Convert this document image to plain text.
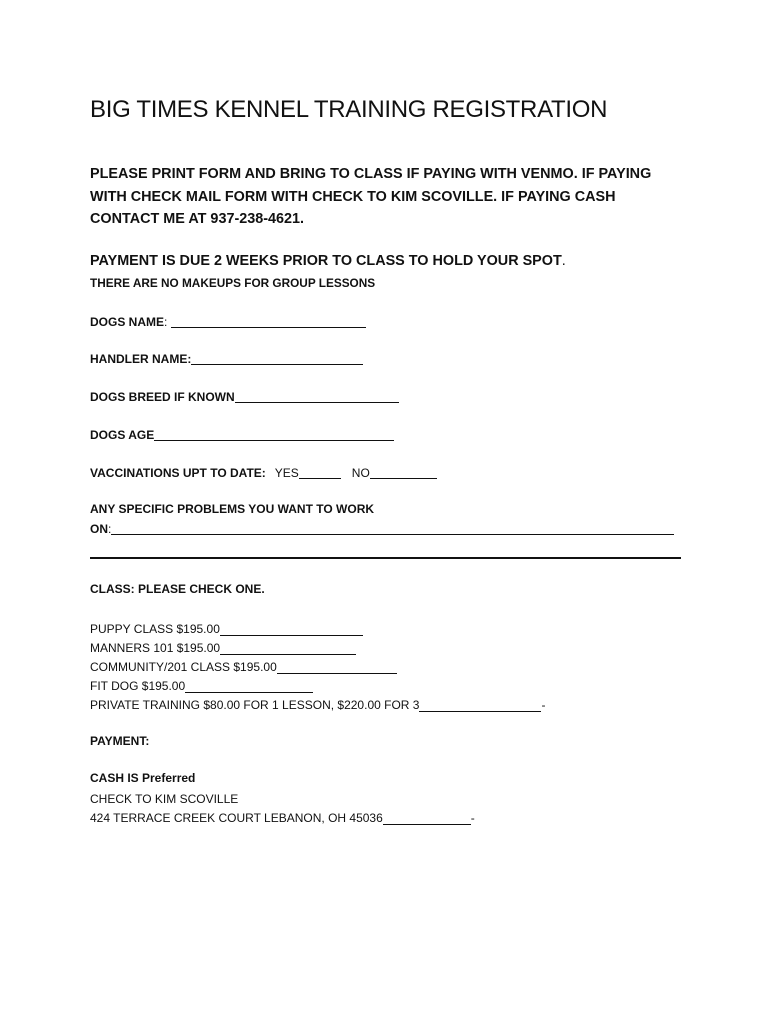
BIG TIMES KENNEL TRAINING REGISTRATION

PLEASE PRINT FORM AND BRING TO CLASS IF PAYING WITH VENMO. IF PAYING
WITH CHECK MAIL FORM WITH CHECK TO KIM SCOVILLE. IF PAYING CASH
CONTACT ME AT 937-238-4621.

PAYMENT IS DUE 2 WEEKS PRIOR TO CLASS TO HOLD YOUR SPOT.

THERE ARE NO MAKEUPS FOR GROUP LESSONS

DOGS NAME :
HANDLER NAME:
DOGS BREED IF KNOWN
DOGS AGE
VACCINATIONS UPT TO DATE: YES	NO
ANY SPECIFIC PROBLEMS YOU WANT TO WORK
ON :
CLASS: PLEASE CHECK ONE.
PUPPY CLASS $195.00
MANNERS 101 $195.00
COMMUNITY/201 CLASS $195.00
FIT DOG $195.00
PRIVATE TRAINING $80.00 FOR 1 LESSON, $220.00 FOR 3	-
PAYMENT:
CASH IS Preferred
CHECK TO KIM SCOVILLE
424 TERRACE CREEK COURT LEBANON, OH 45036	-
